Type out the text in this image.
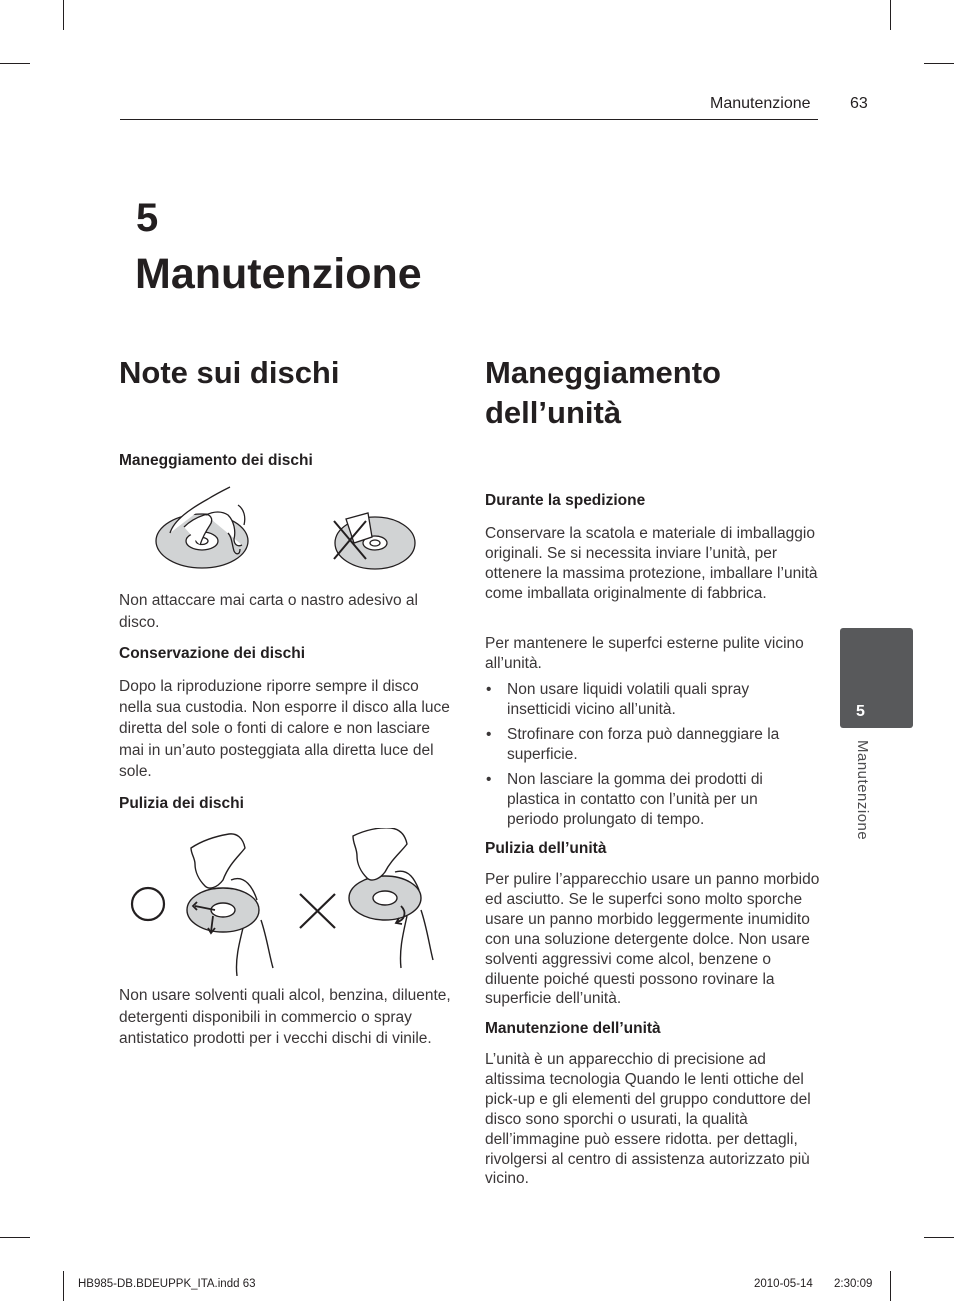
Manutenzione 63
5
Manutenzione
Note sui dischi
Maneggiamento dei dischi

Non attaccare mai carta o nastro adesivo al disco.

Conservazione dei dischi

Dopo la riproduzione riporre sempre il disco nella sua custodia. Non esporre il disco alla luce diretta del sole o fonti di calore e non lasciare mai in un’auto posteggiata alla diretta luce del sole.

Pulizia dei dischi

Non usare solventi quali alcol, benzina, diluente, detergenti disponibili in commercio o spray antistatico prodotti per i vecchi dischi di vinile.

Maneggiamento
dell’unità
Durante la spedizione

Conservare la scatola e materiale di imballaggio originali. Se si necessita inviare l’unità, per ottenere la massima protezione, imballare l’unità come imballata originalmente di fabbrica.

Per mantenere le superfci esterne pulite vicino all’unità.

• Non usare liquidi volatili quali spray insetticidi vicino all’unità.
• Strofinare con forza può danneggiare la superficie.
• Non lasciare la gomma dei prodotti di plastica in contatto con l’unità per un periodo prolungato di tempo.
Pulizia dell’unità

Per pulire l’apparecchio usare un panno morbido ed asciutto. Se le superfci sono molto sporche usare un panno morbido leggermente inumidito con una soluzione detergente dolce. Non usare solventi aggressivi come alcol, benzene o diluente poiché questi possono rovinare la superficie dell’unità.

Manutenzione dell’unità

L’unità è un apparecchio di precisione ad altissima tecnologia Quando le lenti ottiche del pick-up e gli elementi del gruppo conduttore del disco sono sporchi o usurati, la qualità dell’immagine può essere ridotta. per dettagli, rivolgersi al centro di assistenza autorizzato più vicino.

5
Manutenzione
HB985-DB.BDEUPPK_ITA.indd 63	2010-05-14 2:30:09
